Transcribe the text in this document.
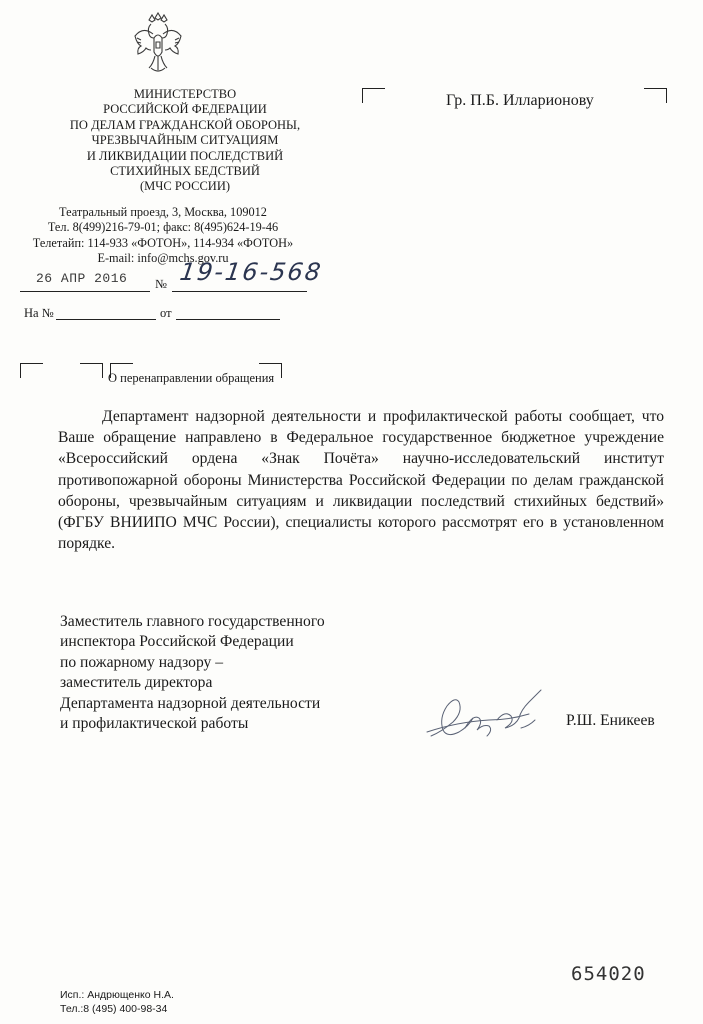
МИНИСТЕРСТВО
РОССИЙСКОЙ ФЕДЕРАЦИИ
ПО ДЕЛАМ ГРАЖДАНСКОЙ ОБОРОНЫ,
ЧРЕЗВЫЧАЙНЫМ СИТУАЦИЯМ
И ЛИКВИДАЦИИ ПОСЛЕДСТВИЙ
СТИХИЙНЫХ БЕДСТВИЙ
(МЧС РОССИИ)
Театральный проезд, 3, Москва, 109012
Тел. 8(499)216-79-01; факс: 8(495)624-19-46
Телетайп: 114-933 «ФОТОН», 114-934 «ФОТОН»
E-mail: info@mchs.gov.ru
26 АПР 2016 № 19-16-568
На №	от
Гр. П.Б. Илларионову
О перенаправлении обращения

Департамент надзорной деятельности и профилактической работы сообщает, что Ваше обращение направлено в Федеральное государственное бюджетное учреждение «Всероссийский ордена «Знак Почёта» научно-исследовательский институт противопожарной обороны Министерства Российской Федерации по делам гражданской обороны, чрезвычайным ситуациям и ликвидации последствий стихийных бедствий» (ФГБУ ВНИИПО МЧС России), специалисты которого рассмотрят его в установленном порядке.

Заместитель главного государственного
инспектора Российской Федерации
по пожарному надзору –
заместитель директора
Департамента надзорной деятельности
и профилактической работы	Р.Ш. Еникеев
654020
Исп.: Андрющенко Н.А.
Тел.:8 (495) 400-98-34
